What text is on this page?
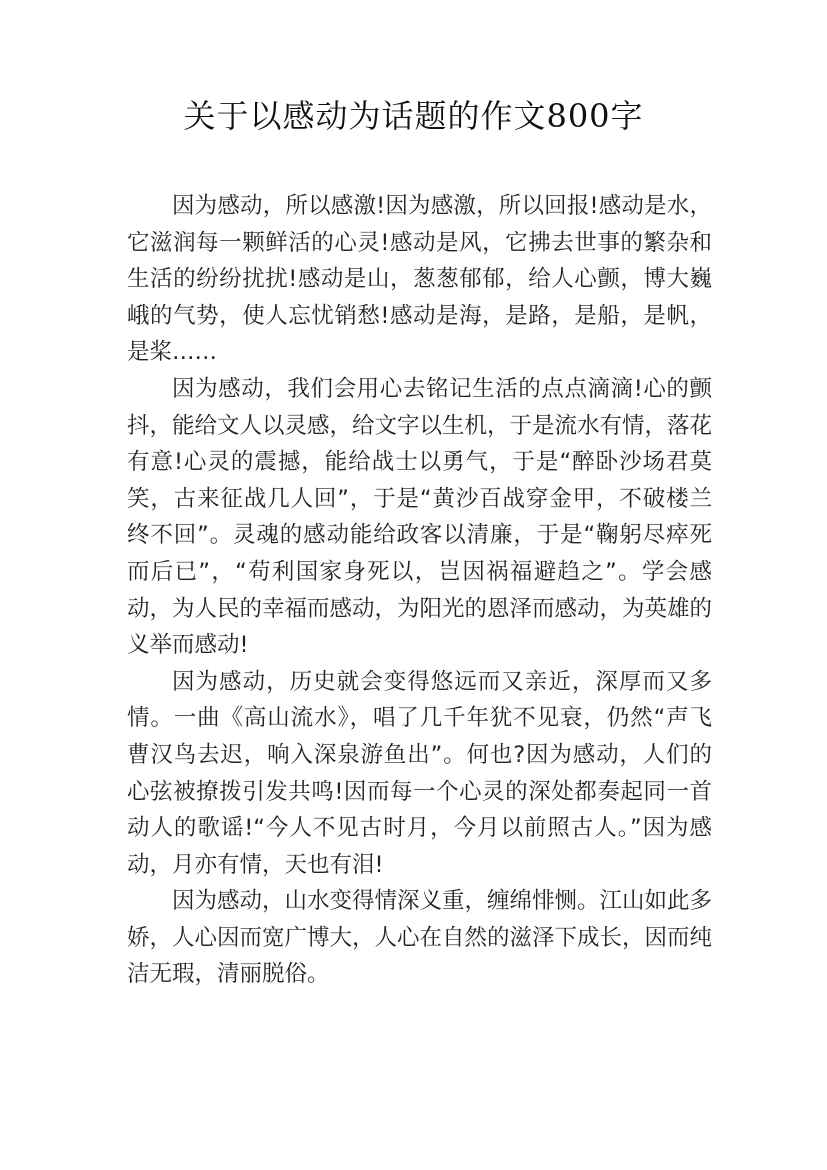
关于以感动为话题的作文800字

因为感动，所以感激!因为感激，所以回报!感动是水，它滋润每一颗鲜活的心灵!感动是风，它拂去世事的繁杂和生活的纷纷扰扰!感动是山，葱葱郁郁，给人心颤，博大巍峨的气势，使人忘忧销愁!感动是海，是路，是船，是帆，是桨……

因为感动，我们会用心去铭记生活的点点滴滴!心的颤抖，能给文人以灵感，给文字以生机，于是流水有情，落花有意!心灵的震撼，能给战士以勇气，于是“醉卧沙场君莫笑，古来征战几人回”，于是“黄沙百战穿金甲，不破楼兰终不回”。灵魂的感动能给政客以清廉，于是“鞠躬尽瘁死而后已”，“苟利国家身死以，岂因祸福避趋之”。学会感动，为人民的幸福而感动，为阳光的恩泽而感动，为英雄的义举而感动!

因为感动，历史就会变得悠远而又亲近，深厚而又多情。一曲《高山流水》，唱了几千年犹不见衰，仍然“声飞曹汉鸟去迟，响入深泉游鱼出”。何也?因为感动，人们的心弦被撩拨引发共鸣!因而每一个心灵的深处都奏起同一首动人的歌谣!“今人不见古时月，今月以前照古人。”因为感动，月亦有情，天也有泪!

因为感动，山水变得情深义重，缠绵悱恻。江山如此多娇，人心因而宽广博大，人心在自然的滋泽下成长，因而纯洁无瑕，清丽脱俗。
